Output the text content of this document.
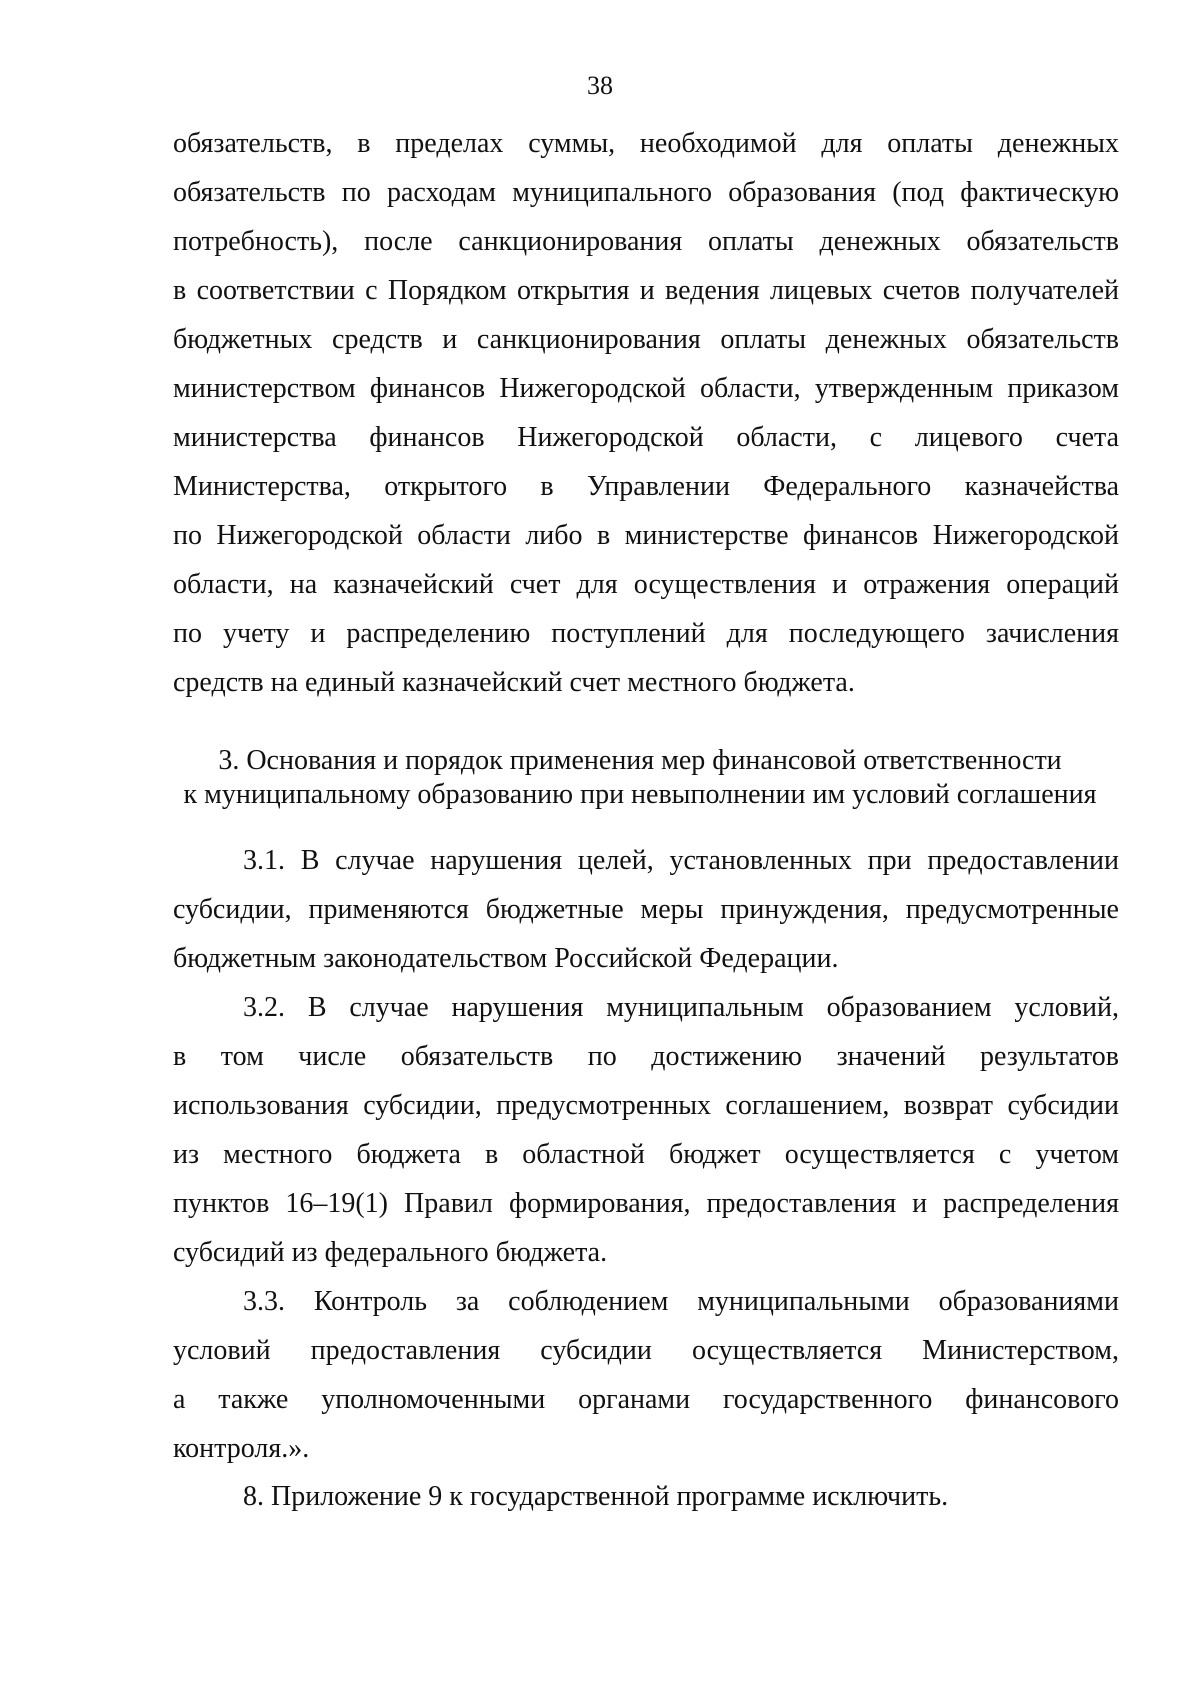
38
обязательств, в пределах суммы, необходимой для оплаты денежных
обязательств по расходам муниципального образования (под фактическую
потребность), после санкционирования оплаты денежных обязательств
в соответствии с Порядком открытия и ведения лицевых счетов получателей
бюджетных средств и санкционирования оплаты денежных обязательств
министерством финансов Нижегородской области, утвержденным приказом
министерства финансов Нижегородской области, с лицевого счета
Министерства, открытого в Управлении Федерального казначейства
по Нижегородской области либо в министерстве финансов Нижегородской
области, на казначейский счет для осуществления и отражения операций
по учету и распределению поступлений для последующего зачисления
средств на единый казначейский счет местного бюджета.
3. Основания и порядок применения мер финансовой ответственности
к муниципальному образованию при невыполнении им условий соглашения
3.1. В случае нарушения целей, установленных при предоставлении
субсидии, применяются бюджетные меры принуждения, предусмотренные
бюджетным законодательством Российской Федерации.
3.2. В случае нарушения муниципальным образованием условий,
в том числе обязательств по достижению значений результатов
использования субсидии, предусмотренных соглашением, возврат субсидии
из местного бюджета в областной бюджет осуществляется с учетом
пунктов 16–19(1) Правил формирования, предоставления и распределения
субсидий из федерального бюджета.
3.3. Контроль за соблюдением муниципальными образованиями
условий предоставления субсидии осуществляется Министерством,
а также уполномоченными органами государственного финансового
контроля.».
8. Приложение 9 к государственной программе исключить.
